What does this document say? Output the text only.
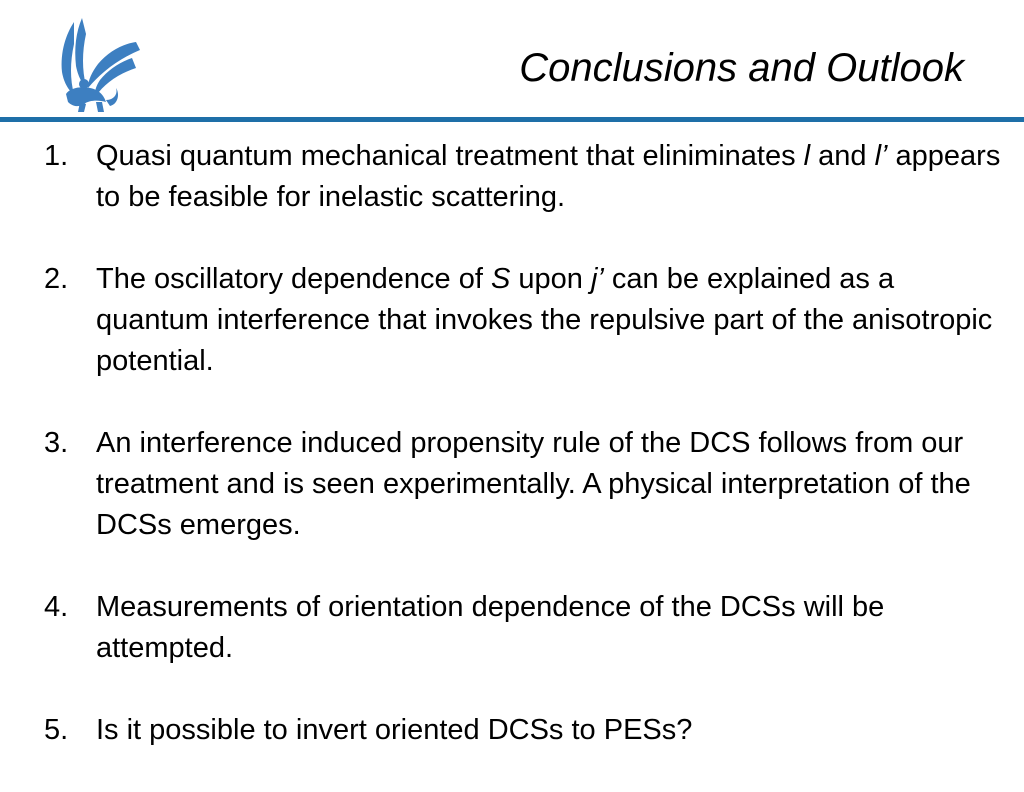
Conclusions and Outlook
1. Quasi quantum mechanical treatment that eliniminates l and l’ appears to be feasible for inelastic scattering.
2. The oscillatory dependence of S upon j’ can be explained as a quantum interference that invokes the repulsive part of the anisotropic potential.
3. An interference induced propensity rule of the DCS follows from our treatment and is seen experimentally. A physical interpretation of the DCSs emerges.
4. Measurements of orientation dependence of the DCSs will be attempted.
5. Is it possible to invert oriented DCSs to PESs?
